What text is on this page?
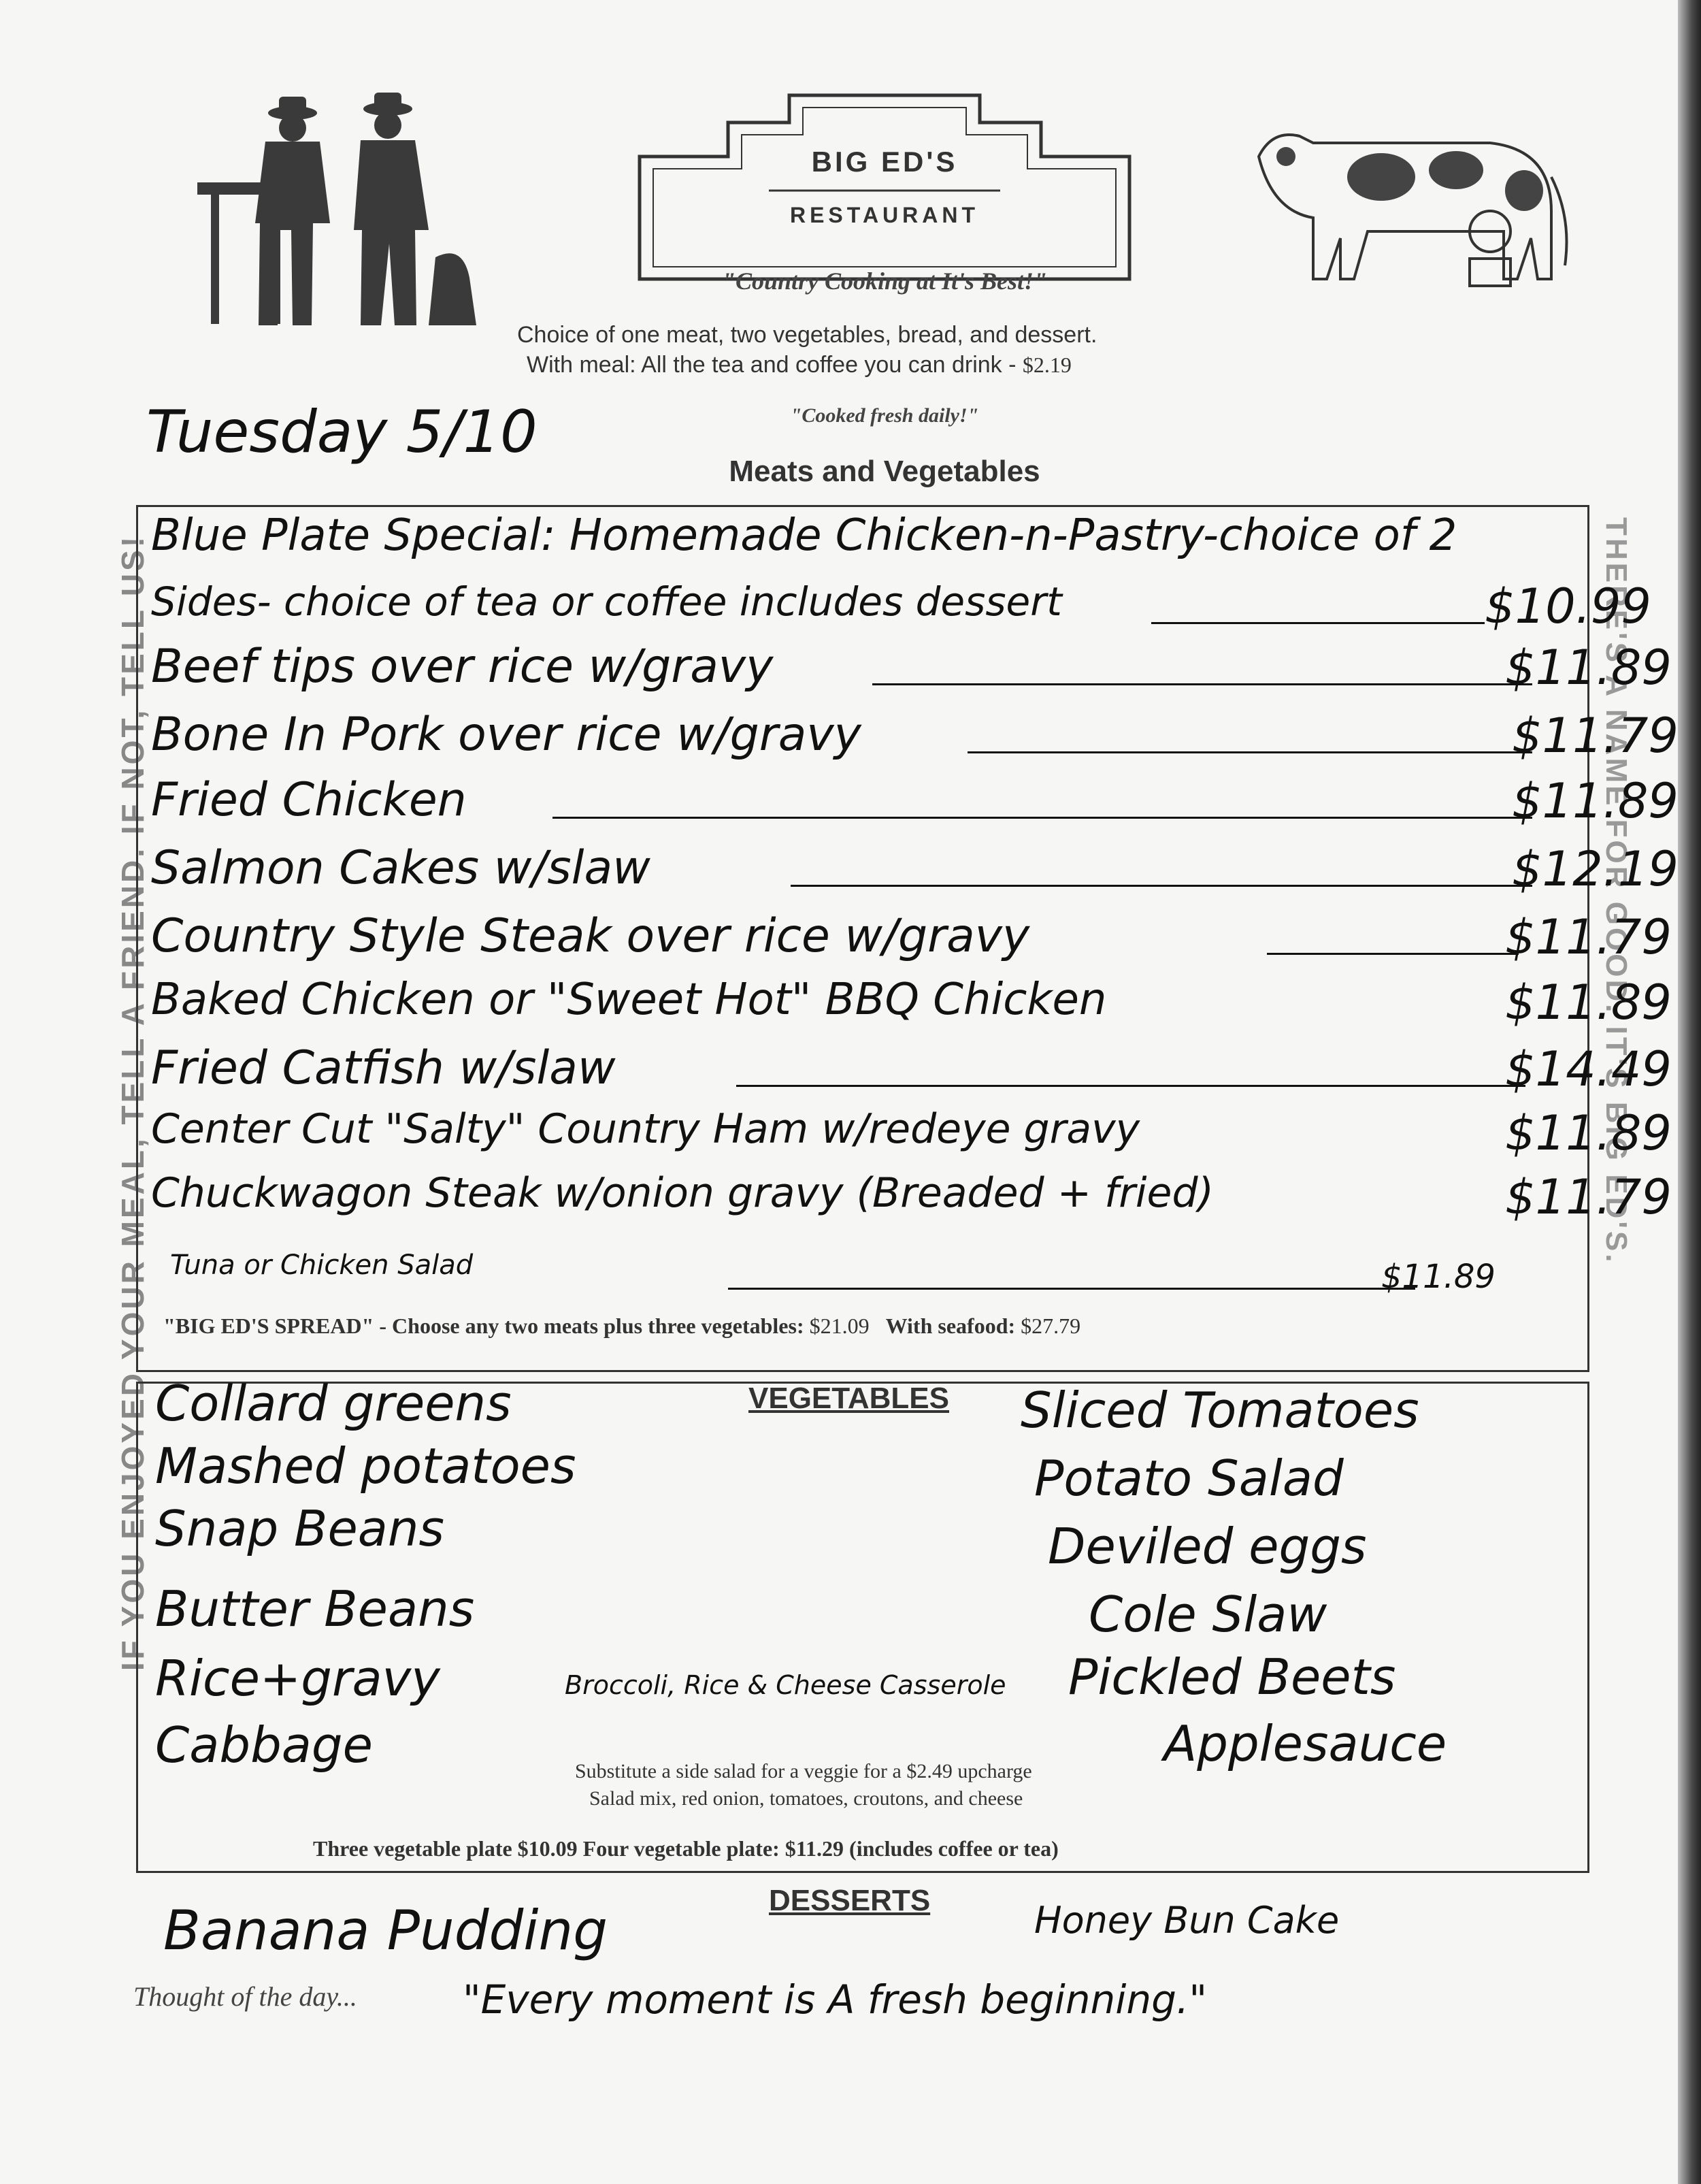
BIG ED'S
RESTAURANT
"Country Cooking at It's Best!"
Choice of one meat, two vegetables, bread, and dessert.
With meal: All the tea and coffee you can drink - $2.19
"Cooked fresh daily!"
Tuesday 5/10
Meats and Vegetables
IF YOU ENJOYED YOUR MEAL, TELL A FRIEND. IF NOT, TELL US!	THERE'S A NAME FOR GOOD. IT'S BIG ED'S.
Blue Plate Special: Homemade Chicken-n-Pastry-choice of 2
Sides- choice of tea or coffee includes dessert	$10.99
Beef tips over rice w/gravy	$11.89
Bone In Pork over rice w/gravy	$11.79
Fried Chicken	$11.89
Salmon Cakes w/slaw	$12.19
Country Style Steak over rice w/gravy	$11.79
Baked Chicken or "Sweet Hot" BBQ Chicken	$11.89
Fried Catfish w/slaw	$14.49
Center Cut "Salty" Country Ham w/redeye gravy	$11.89
Chuckwagon Steak w/onion gravy (Breaded + fried)	$11.79
Tuna or Chicken Salad	$11.89
"BIG ED'S SPREAD" - Choose any two meats plus three vegetables: $21.09 With seafood: $27.79
VEGETABLES
Collard greens
Mashed potatoes
Snap Beans
Butter Beans
Rice+gravy
Cabbage
Sliced Tomatoes
Potato Salad
Deviled eggs
Cole Slaw
Pickled Beets
Applesauce
Broccoli, Rice & Cheese Casserole
Substitute a side salad for a veggie for a $2.49 upcharge
Salad mix, red onion, tomatoes, croutons, and cheese
Three vegetable plate $10.09 Four vegetable plate: $11.29 (includes coffee or tea)
DESSERTS
Banana Pudding	Honey Bun Cake
Thought of the day...	"Every moment is A fresh beginning."
